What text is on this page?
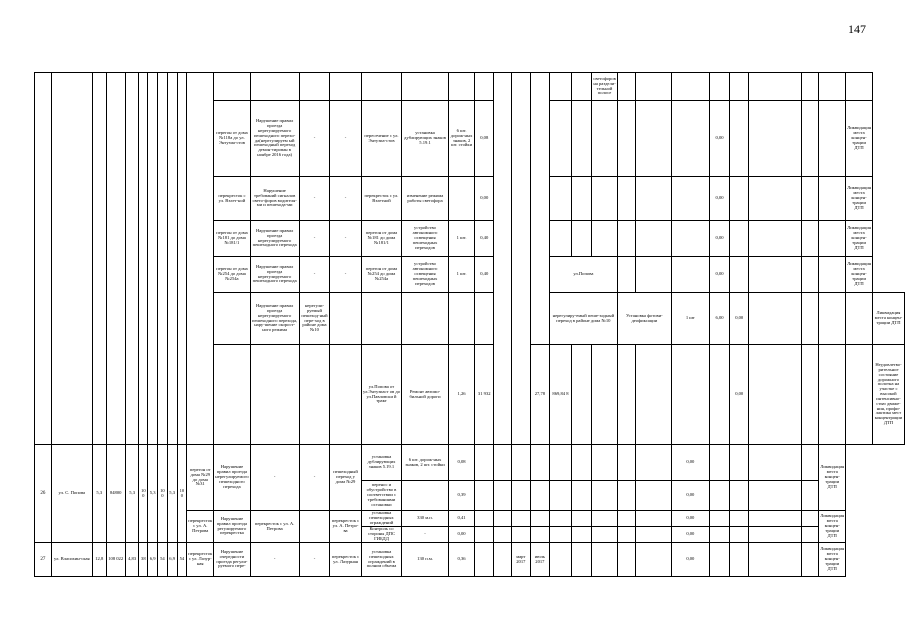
147
																								светофоров на раздели-тельной полосе										
											перегон от дома №118а до ул. Энтузиа-стов	Нарушение правил проезда нерегулируемого пешеходного перехо-да(нерегулируем ый пешеходный переход демон-тирован в ноябре 2016 года)	-	-	пересечение с ул. Энтузиа-стов	установка дублирующих знаков 5.19.1	6 шт. дорож-ных знаков, 2 шт. стойки	0,08										0,00					Ликвидация места концен-трации ДТП	
											перекресток с ул. Взлет-ной	Нарушение требований сигналов свето-форов водителя-ми и пешехода-ми	-	-	перекресток с ул. Взлетной	изменение режима работы светофора		0,00										0,00					Ликвидация места концен-трации ДТП	
											перегон от дома №181 до дома №181/1	Нарушение правил проезда нерегулируемого пешеходного перехода	-	-	перегон от дома №181 до дома №181/1	устройство автономного освещения пешеходных переходов	1 шт.	0,40										0,00					Ликвидация места концен-трации ДТП	
											перегон от дома №254 до дома №254а	Нарушение правил проезда нерегулируемого пешеходного перехода	-	-	перегон от дома №254 до дома №254а	устройство автономного освещения пешеходных переходов	1 шт.	0,40				ул.Попова						0,00					Ликвидация места концен-трации ДТП	
												Нарушение правил проезда нерегулируемого пешеходного перехода, нару-шение скорост-ного режима	нерегули-руемый пешеход-ный пере-ход в районе дома №10									нерегулиру-емый пеше-ходный переход в районе дома №10			Установка фотови-деофиксации		1 шт	6,00	0,00					Ликвидация места концен-трации ДТП
															ул.Попова от ул.Энтузиаст ов до ул.Павловски й тракт	Ремонт автомо-бильной дороги	1,26	31 932			27,78	869,84 8							0,00					Неудовлетво-рительное состояние дорожного полотна на участке с высокой интенсивно-стью движе-ния, профи-лактика мест концентрации ДТП
26	ул. С. Попова	5,3	84800	5,3	10 0	5,3	10 0	5,3	10 0	перегон от дома №29 до дома №31	Нарушение правил проезда нерегулируемого пешеходного перехода	-	-	пешеходный переход у дома №29	установка дублирующих знаков 5.19.1	6 шт. дорож-ных знаков, 2 шт. стойки	0,08										0,00					Ликвидация места концен-трации ДТП		
															перенос и обустройство в соответствии с требованиями остановки		0,39										0,00							
										перекресток с ул. А. Петрова	Нарушение правил проезда регулируемого перекрестка	перекресток с ул. А. Петрова		перекресток с ул. А. Петро-ва	установка пешеходных ограждений	330 м.п.	0,41										0,00					Ликвидация места концен-трации ДТП		
															Контроль со стороны ДПС ГИБДД	-	0,00										0,00							
27	ул. Власихин-ская	12,8	108 022	4,83	38	6,9	54	6,9	54	перекресток с ул. Лазур-ная	Нарушение очередности проезда регули-руемого пере-	-	-	перекресток с ул. Лазурная	установка пешеходных ограждений в полном объема	130 п.м.	0,36			март 2017	июль 2017						0,00					Ликвидация места концен-трации ДТП		
